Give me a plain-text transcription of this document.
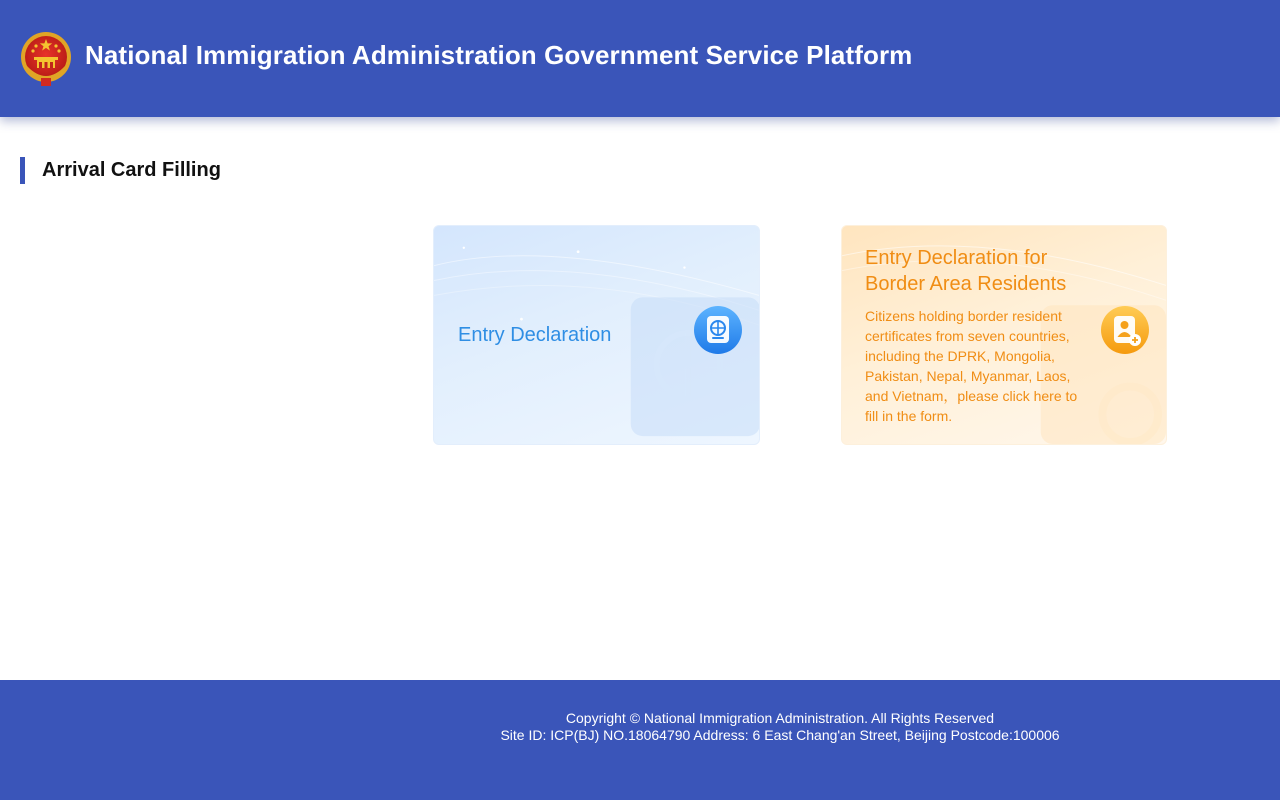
National Immigration Administration Government Service Platform
Arrival Card Filling
Entry Declaration
Entry Declaration for Border Area Residents
Citizens holding border resident certificates from seven countries, including the DPRK, Mongolia, Pakistan, Nepal, Myanmar, Laos, and Vietnam，please click here to fill in the form.
Copyright © National Immigration Administration. All Rights Reserved
Site ID: ICP(BJ) NO.18064790 Address: 6 East Chang'an Street, Beijing Postcode:100006
